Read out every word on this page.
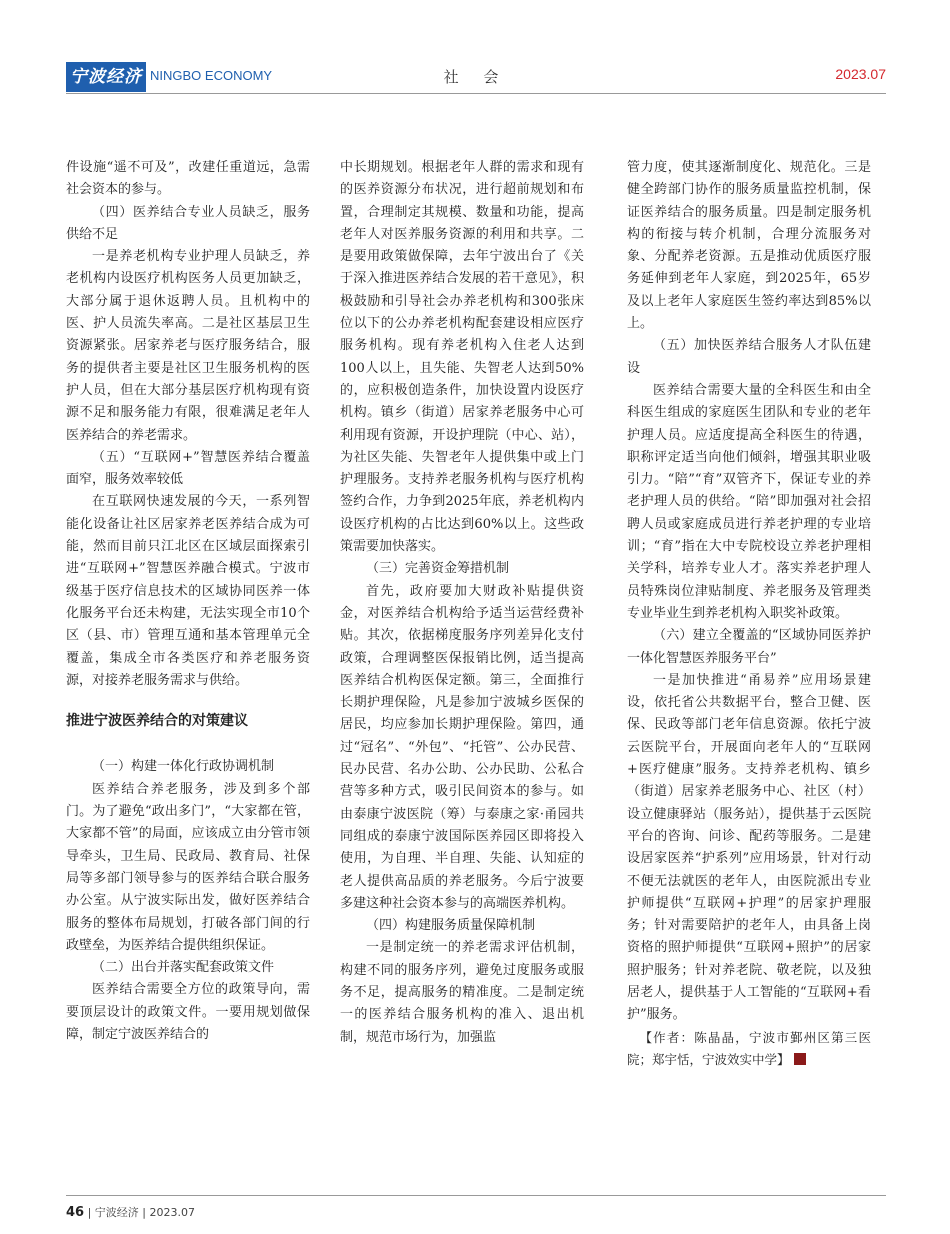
宁波经济 NINGBO ECONOMY	社 会	2023.07

件设施“遥不可及”，改建任重道远，急需社会资本的参与。

（四）医养结合专业人员缺乏，服务供给不足

一是养老机构专业护理人员缺乏，养老机构内设医疗机构医务人员更加缺乏，大部分属于退休返聘人员。且机构中的医、护人员流失率高。二是社区基层卫生资源紧张。居家养老与医疗服务结合，服务的提供者主要是社区卫生服务机构的医护人员，但在大部分基层医疗机构现有资源不足和服务能力有限，很难满足老年人医养结合的养老需求。

（五）“互联网+”智慧医养结合覆盖面窄，服务效率较低

在互联网快速发展的今天，一系列智能化设备让社区居家养老医养结合成为可能，然而目前只江北区在区域层面探索引进“互联网+”智慧医养融合模式。宁波市级基于医疗信息技术的区域协同医养一体化服务平台还未构建，无法实现全市10个区（县、市）管理互通和基本管理单元全覆盖，集成全市各类医疗和养老服务资源，对接养老服务需求与供给。

推进宁波医养结合的对策建议

（一）构建一体化行政协调机制

医养结合养老服务，涉及到多个部门。为了避免“政出多门”，“大家都在管，大家都不管”的局面，应该成立由分管市领导牵头，卫生局、民政局、教育局、社保局等多部门领导参与的医养结合联合服务办公室。从宁波实际出发，做好医养结合服务的整体布局规划，打破各部门间的行政壁垒，为医养结合提供组织保证。

（二）出台并落实配套政策文件

医养结合需要全方位的政策导向，需要顶层设计的政策文件。一要用规划做保障，制定宁波医养结合的

中长期规划。根据老年人群的需求和现有的医养资源分布状况，进行超前规划和布置，合理制定其规模、数量和功能，提高老年人对医养服务资源的利用和共享。二是要用政策做保障，去年宁波出台了《关于深入推进医养结合发展的若干意见》，积极鼓励和引导社会办养老机构和300张床位以下的公办养老机构配套建设相应医疗服务机构。现有养老机构入住老人达到100人以上，且失能、失智老人达到50%的，应积极创造条件，加快设置内设医疗机构。镇乡（街道）居家养老服务中心可利用现有资源，开设护理院（中心、站），为社区失能、失智老年人提供集中或上门护理服务。支持养老服务机构与医疗机构签约合作，力争到2025年底，养老机构内设医疗机构的占比达到60%以上。这些政策需要加快落实。

（三）完善资金筹措机制

首先，政府要加大财政补贴提供资金，对医养结合机构给予适当运营经费补贴。其次，依据梯度服务序列差异化支付政策，合理调整医保报销比例，适当提高医养结合机构医保定额。第三，全面推行长期护理保险，凡是参加宁波城乡医保的居民，均应参加长期护理保险。第四，通过“冠名”、“外包”、“托管”、公办民营、民办民营、名办公助、公办民助、公私合营等多种方式，吸引民间资本的参与。如由泰康宁波医院（筹）与泰康之家·甬园共同组成的泰康宁波国际医养园区即将投入使用，为自理、半自理、失能、认知症的老人提供高品质的养老服务。今后宁波要多建这种社会资本参与的高端医养机构。

（四）构建服务质量保障机制

一是制定统一的养老需求评估机制，构建不同的服务序列，避免过度服务或服务不足，提高服务的精准度。二是制定统一的医养结合服务机构的准入、退出机制，规范市场行为，加强监

管力度，使其逐渐制度化、规范化。三是健全跨部门协作的服务质量监控机制，保证医养结合的服务质量。四是制定服务机构的衔接与转介机制，合理分流服务对象、分配养老资源。五是推动优质医疗服务延伸到老年人家庭，到2025年，65岁及以上老年人家庭医生签约率达到85%以上。

（五）加快医养结合服务人才队伍建设

医养结合需要大量的全科医生和由全科医生组成的家庭医生团队和专业的老年护理人员。应适度提高全科医生的待遇，职称评定适当向他们倾斜，增强其职业吸引力。“陪”“育”双管齐下，保证专业的养老护理人员的供给。“陪”即加强对社会招聘人员或家庭成员进行养老护理的专业培训；“育”指在大中专院校设立养老护理相关学科，培养专业人才。落实养老护理人员特殊岗位津贴制度、养老服务及管理类专业毕业生到养老机构入职奖补政策。

（六）建立全覆盖的“区域协同医养护一体化智慧医养服务平台”

一是加快推进“甬易养”应用场景建设，依托省公共数据平台，整合卫健、医保、民政等部门老年信息资源。依托宁波云医院平台，开展面向老年人的“互联网+医疗健康”服务。支持养老机构、镇乡（街道）居家养老服务中心、社区（村）设立健康驿站（服务站），提供基于云医院平台的咨询、问诊、配药等服务。二是建设居家医养“护系列”应用场景，针对行动不便无法就医的老年人，由医院派出专业护师提供“互联网+护理”的居家护理服务；针对需要陪护的老年人，由具备上岗资格的照护师提供“互联网+照护”的居家照护服务；针对养老院、敬老院，以及独居老人，提供基于人工智能的“互联网+看护”服务。

【作者：陈晶晶，宁波市鄞州区第三医院；郑宇恬，宁波效实中学】

46 | 宁波经济 | 2023.07
